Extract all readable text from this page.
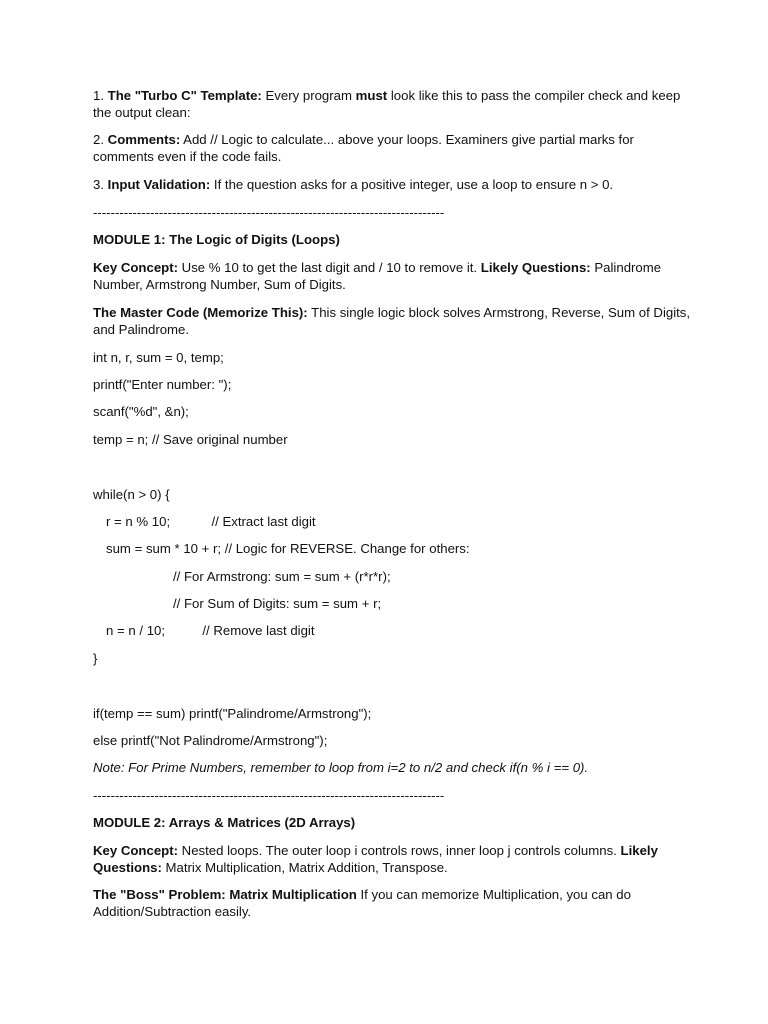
1. The "Turbo C" Template: Every program must look like this to pass the compiler check and keep
the output clean:
2. Comments: Add // Logic to calculate... above your loops. Examiners give partial marks for
comments even if the code fails.
3. Input Validation: If the question asks for a positive integer, use a loop to ensure n > 0.
--------------------------------------------------------------------------------
MODULE 1: The Logic of Digits (Loops)
Key Concept: Use % 10 to get the last digit and / 10 to remove it. Likely Questions: Palindrome
Number, Armstrong Number, Sum of Digits.
The Master Code (Memorize This): This single logic block solves Armstrong, Reverse, Sum of Digits,
and Palindrome.
int n, r, sum = 0, temp;
printf("Enter number: ");
scanf("%d", &n);
temp = n; // Save original number
while(n > 0) {
r = n % 10;	// Extract last digit
sum = sum * 10 + r; // Logic for REVERSE. Change for others:
// For Armstrong: sum = sum + (r*r*r);
// For Sum of Digits: sum = sum + r;
n = n / 10;	// Remove last digit
}
if(temp == sum) printf("Palindrome/Armstrong");
else printf("Not Palindrome/Armstrong");
Note: For Prime Numbers, remember to loop from i=2 to n/2 and check if(n % i == 0).
--------------------------------------------------------------------------------
MODULE 2: Arrays & Matrices (2D Arrays)
Key Concept: Nested loops. The outer loop i controls rows, inner loop j controls columns. Likely
Questions: Matrix Multiplication, Matrix Addition, Transpose.
The "Boss" Problem: Matrix Multiplication If you can memorize Multiplication, you can do
Addition/Subtraction easily.
